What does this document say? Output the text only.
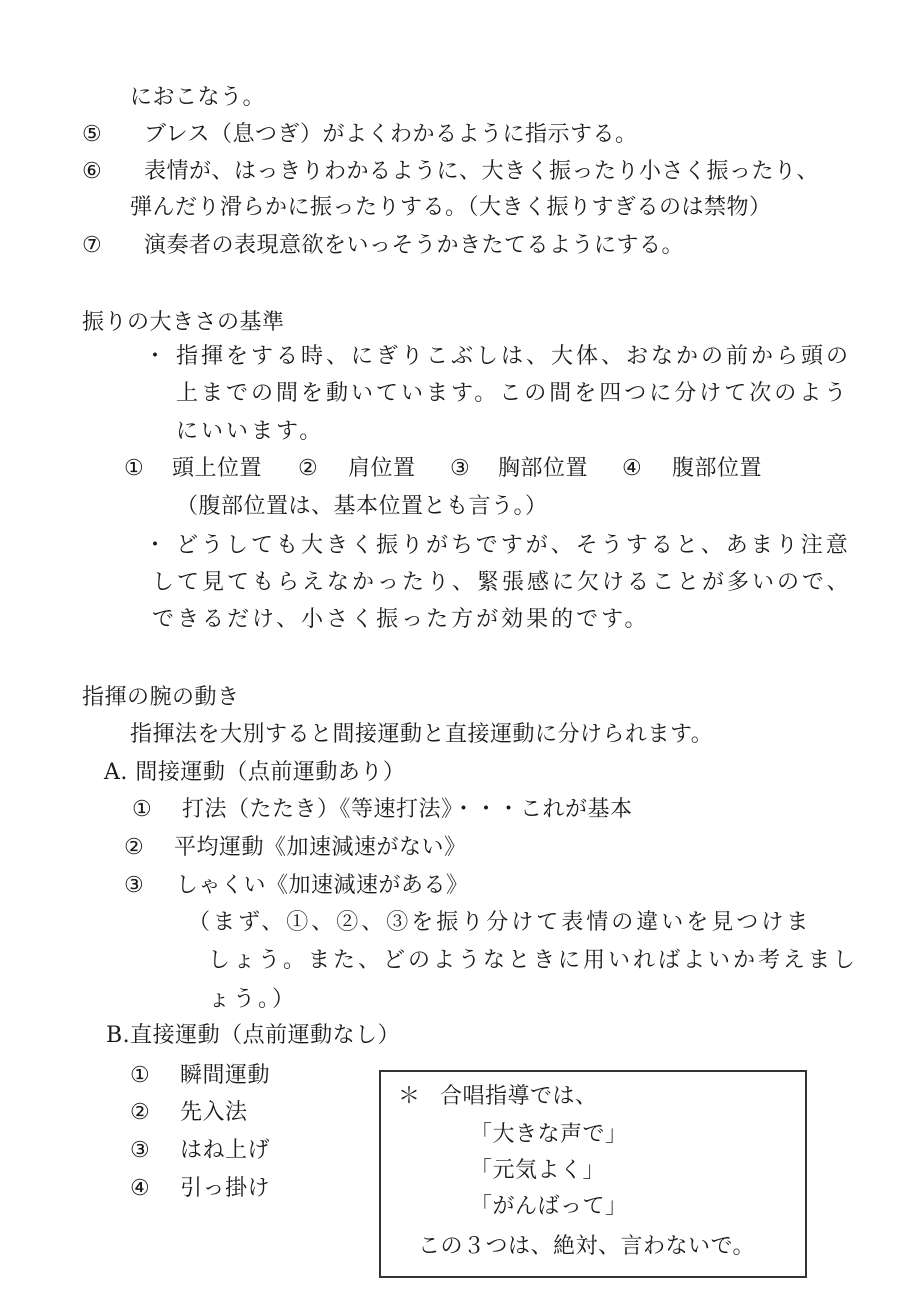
におこなう。
⑤ ブレス（息つぎ）がよくわかるように指示する。
⑥ 表情が、はっきりわかるように、大きく振ったり小さく振ったり、
弾んだり滑らかに振ったりする。（大きく振りすぎるのは禁物）
⑦ 演奏者の表現意欲をいっそうかきたてるようにする。
振りの大きさの基準
・ 指揮をする時、にぎりこぶしは、大体、おなかの前から頭の
上までの間を動いています。この間を四つに分けて次のよう
にいいます。
① 頭上位置 ② 肩位置 ③ 胸部位置 ④ 腹部位置
（腹部位置は、基本位置とも言う。）
・ どうしても大きく振りがちですが、そうすると、あまり注意
して見てもらえなかったり、緊張感に欠けることが多いので、
できるだけ、小さく振った方が効果的です。
指揮の腕の動き
指揮法を大別すると間接運動と直接運動に分けられます。
A. 間接運動（点前運動あり）
① 打法（たたき）《等速打法》・・・これが基本
② 平均運動《加速減速がない》
③ しゃくい《加速減速がある》
（まず、①、②、③を振り分けて表情の違いを見つけま
しょう。また、どのようなときに用いればよいか考えまし
ょう。）
B.直接運動（点前運動なし）
① 瞬間運動
② 先入法
③ はね上げ
④ 引っ掛け
＊ 合唱指導では、
「大きな声で」
「元気よく」
「がんばって」
この３つは、絶対、言わないで。
